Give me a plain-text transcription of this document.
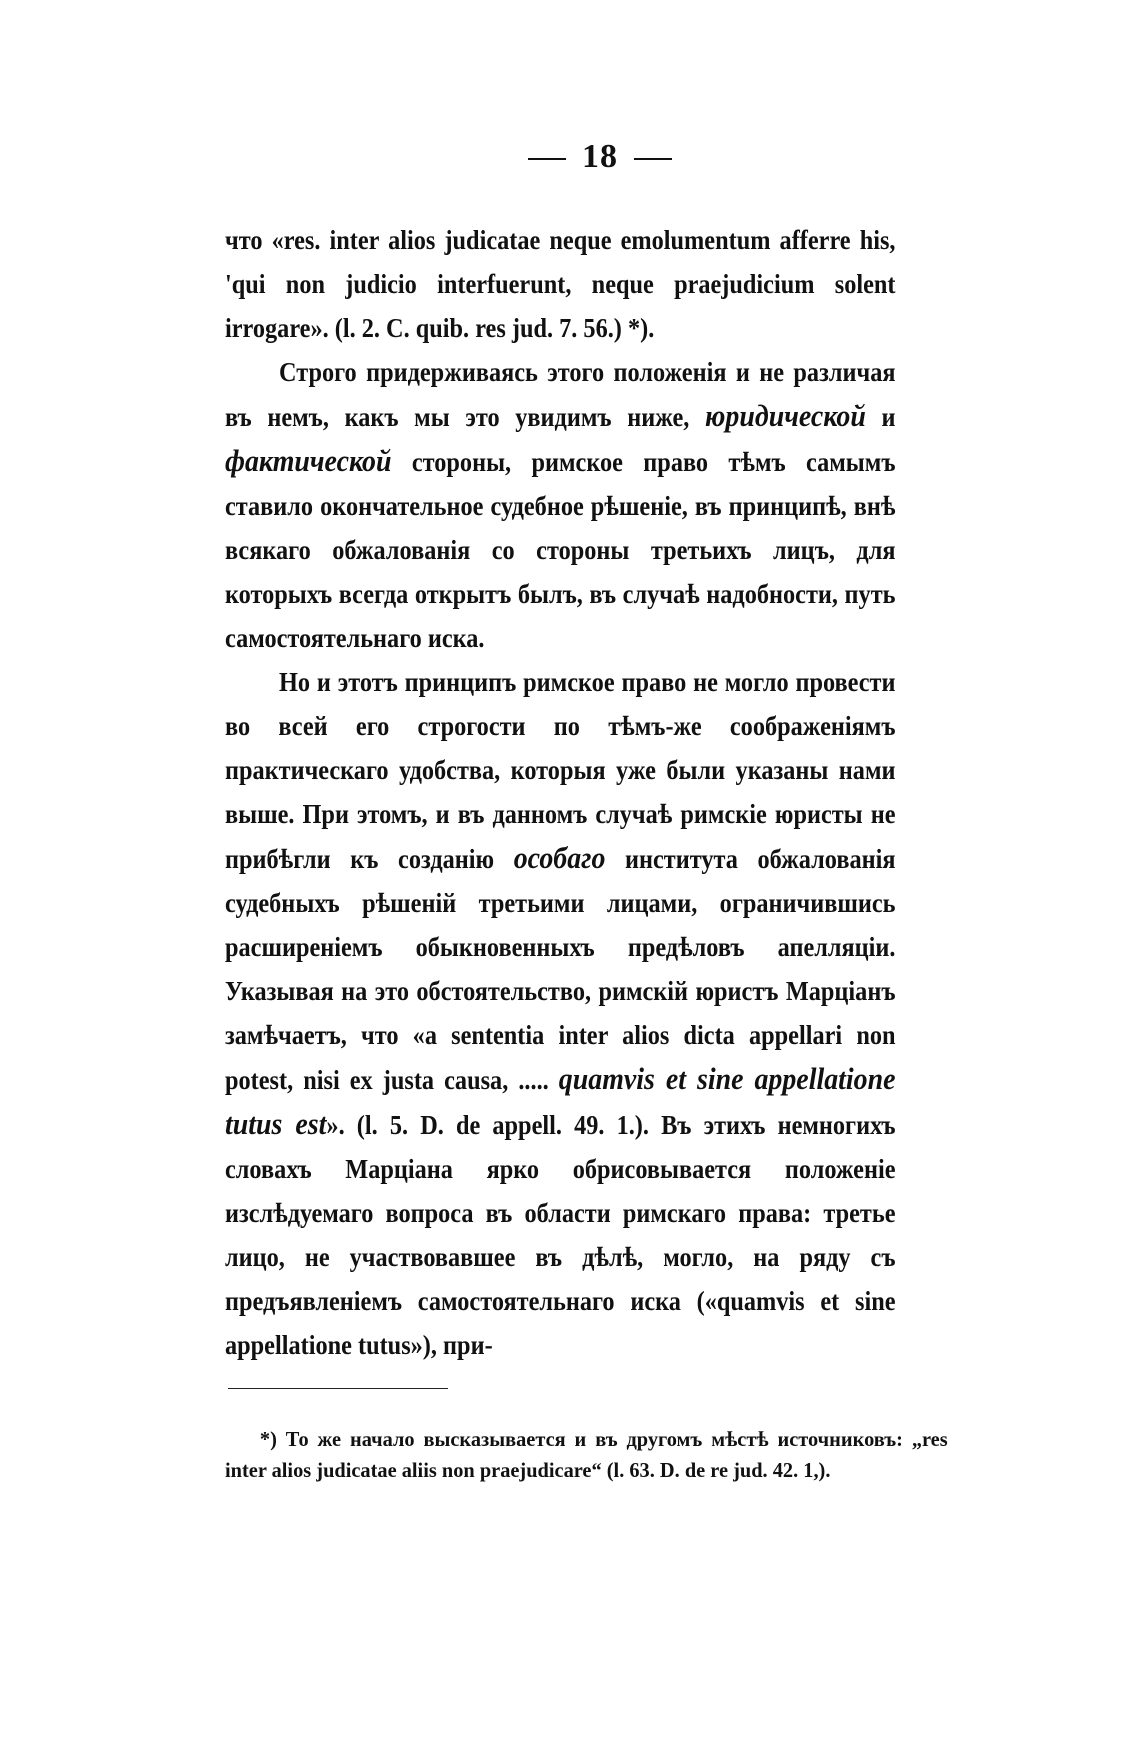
18

что «res. inter alios judicatae neque emolumentum afferre his, 'qui non judicio interfuerunt, neque praejudicium solent irrogare». (l. 2. C. quib. res jud. 7. 56.) *).

Строго придерживаясь этого положенія и не различая въ немъ, какъ мы это увидимъ ниже, юридической и фактической стороны, римское право тѣмъ самымъ ставило окончательное судебное рѣшеніе, въ принципѣ, внѣ всякаго обжалованія со стороны третьихъ лицъ, для которыхъ всегда открытъ былъ, въ случаѣ надобности, путь самостоятельнаго иска.

Но и этотъ принципъ римское право не могло провести во всей его строгости по тѣмъ-же соображеніямъ практическаго удобства, которыя уже были указаны нами выше. При этомъ, и въ данномъ случаѣ римскіе юристы не прибѣгли къ созданію особаго института обжалованія судебныхъ рѣшеній третьими лицами, ограничившись расширеніемъ обыкновенныхъ предѣловъ апелляціи. Указывая на это обстоятельство, римскій юристъ Марціанъ замѣчаетъ, что «a sententia inter alios dicta appellari non potest, nisi ex justa causa, ..... quamvis et sine appellatione tutus est». (l. 5. D. de appell. 49. 1.). Въ этихъ немногихъ словахъ Марціана ярко обрисовывается положеніе изслѣдуемаго вопроса въ области римскаго права: третье лицо, не участвовавшее въ дѣлѣ, могло, на ряду съ предъявленіемъ самостоятельнаго иска («quamvis et sine appellatione tutus»), при-

*) То же начало высказывается и въ другомъ мѣстѣ источниковъ: „res inter alios judicatae aliis non praejudicare“ (l. 63. D. de re jud. 42. 1,).
